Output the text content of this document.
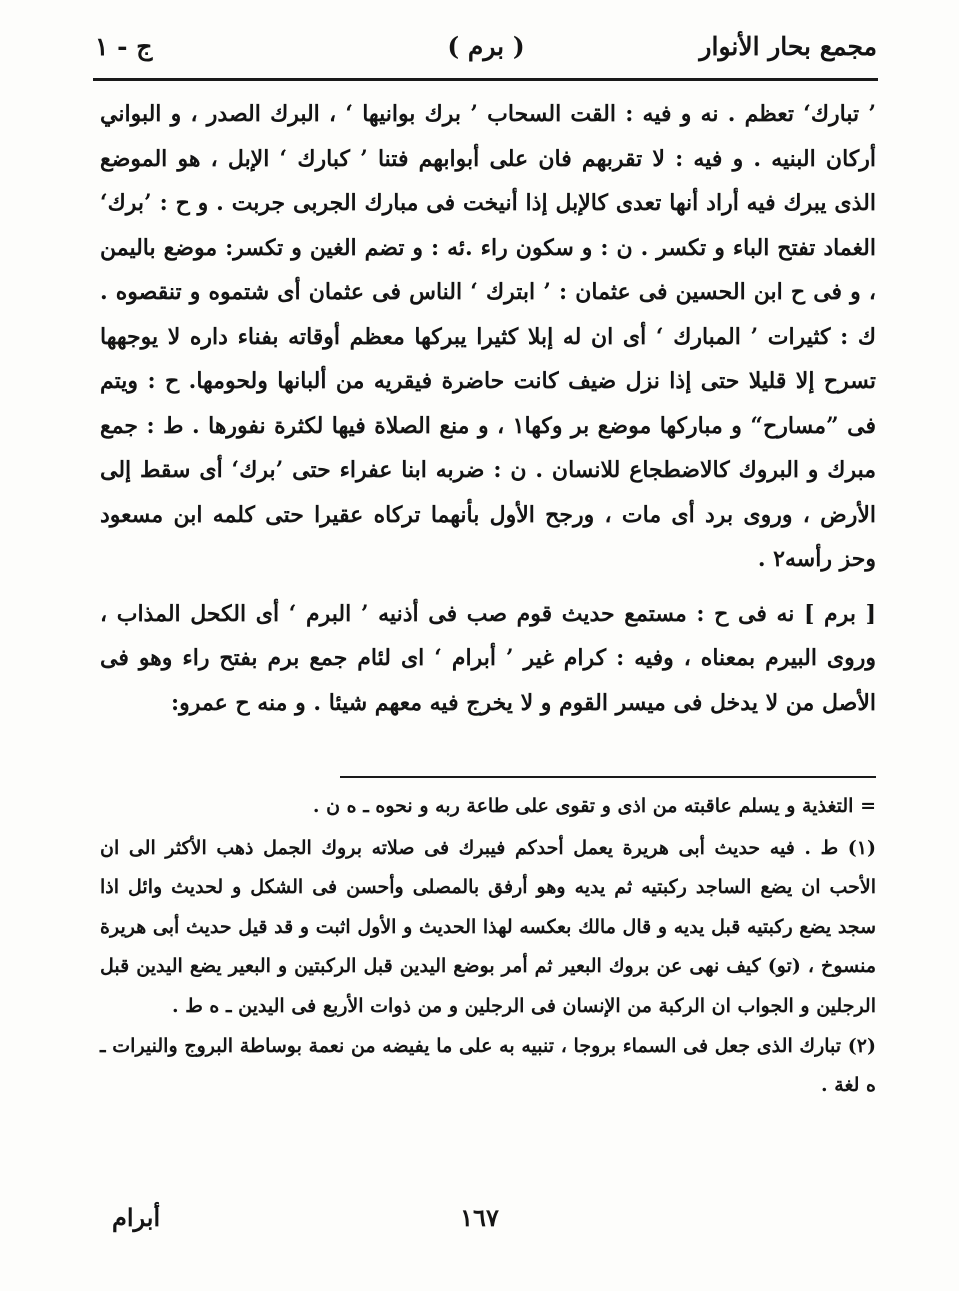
مجمع بحار الأنوار
( برم )
ج - ١

’ تبارك‘ تعظم . نه و فيه : القت السحاب ’ برك بوانيها ‘ ، البرك الصدر ، و البواني أركان البنيه . و فيه : لا تقربهم فان على أبوابهم فتنا ’ كبارك ‘ الإبل ، هو الموضع الذى يبرك فيه أراد أنها تعدى كالإبل إذا أنيخت فى مبارك الجربى جربت . و ح : ’برك‘ الغماد تفتح الباء و تكسر . ن : و سكون راء .ئه : و تضم الغين و تكسر: موضع باليمن ، و فى ح ابن الحسين فى عثمان : ’ ابترك ‘ الناس فى عثمان أى شتموه و تنقصوه . ك : كثيرات ’ المبارك ‘ أى ان له إبلا كثيرا يبركها معظم أوقاته بفناء داره لا يوجهها تسرح إلا قليلا حتى إذا نزل ضيف كانت حاضرة فيقريه من ألبانها ولحومها. ح : ويتم فى ”مسارح“ و مباركها موضع بر وكها١ ، و منع الصلاة فيها لكثرة نفورها . ط : جمع مبرك و البروك كالاضطجاع للانسان . ن : ضربه ابنا عفراء حتى ’برك‘ أى سقط إلى الأرض ، وروى برد أى مات ، ورجح الأول بأنهما تركاه عقيرا حتى كلمه ابن مسعود وحز رأسه٢ .

[ برم ] نه فى ح : مستمع حديث قوم صب فى أذنيه ’ البرم ‘ أى الكحل المذاب ، وروى البيرم بمعناه ، وفيه : كرام غير ’ أبرام ‘ اى لئام جمع برم بفتح راء وهو فى الأصل من لا يدخل فى ميسر القوم و لا يخرج فيه معهم شيئا . و منه ح عمرو:

= التغذية و يسلم عاقبته من اذى و تقوى على طاعة ربه و نحوه ـ ه ن .

(١) ط . فيه حديث أبى هريرة يعمل أحدكم فيبرك فى صلاته بروك الجمل ذهب الأكثر الى ان الأحب ان يضع الساجد ركبتيه ثم يديه وهو أرفق بالمصلى وأحسن فى الشكل و لحديث وائل اذا سجد يضع ركبتيه قبل يديه و قال مالك بعكسه لهذا الحديث و الأول اثبت و قد قيل حديث أبى هريرة منسوخ ، (تو) كيف نهى عن بروك البعير ثم أمر بوضع اليدين قبل الركبتين و البعير يضع اليدين قبل الرجلين و الجواب ان الركبة من الإنسان فى الرجلين و من ذوات الأربع فى اليدين ـ ه ط .

(٢) تبارك الذى جعل فى السماء بروجا ، تنبيه به على ما يفيضه من نعمة بوساطة البروج والنيرات ـ ه لغة .

١٦٧
أبرام
